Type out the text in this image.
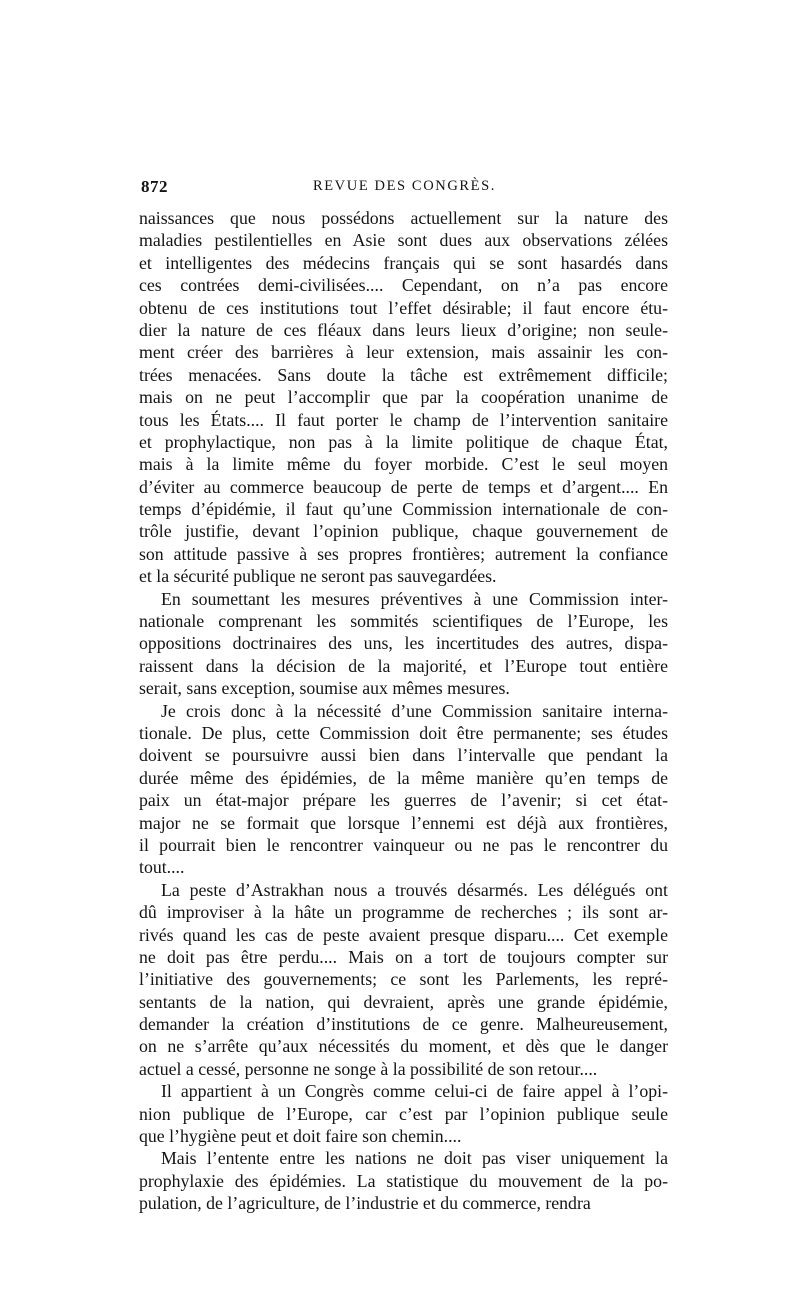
872	REVUE DES CONGRÈS.
naissances que nous possédons actuellement sur la nature des
maladies pestilentielles en Asie sont dues aux observations zélées
et intelligentes des médecins français qui se sont hasardés dans
ces contrées demi-civilisées.... Cependant, on n’a pas encore
obtenu de ces institutions tout l’effet désirable; il faut encore étu-
dier la nature de ces fléaux dans leurs lieux d’origine; non seule-
ment créer des barrières à leur extension, mais assainir les con-
trées menacées. Sans doute la tâche est extrêmement difficile;
mais on ne peut l’accomplir que par la coopération unanime de
tous les États.... Il faut porter le champ de l’intervention sanitaire
et prophylactique, non pas à la limite politique de chaque État,
mais à la limite même du foyer morbide. C’est le seul moyen
d’éviter au commerce beaucoup de perte de temps et d’argent.... En
temps d’épidémie, il faut qu’une Commission internationale de con-
trôle justifie, devant l’opinion publique, chaque gouvernement de
son attitude passive à ses propres frontières; autrement la confiance
et la sécurité publique ne seront pas sauvegardées.
En soumettant les mesures préventives à une Commission inter-
nationale comprenant les sommités scientifiques de l’Europe, les
oppositions doctrinaires des uns, les incertitudes des autres, dispa-
raissent dans la décision de la majorité, et l’Europe tout entière
serait, sans exception, soumise aux mêmes mesures.
Je crois donc à la nécessité d’une Commission sanitaire interna-
tionale. De plus, cette Commission doit être permanente; ses études
doivent se poursuivre aussi bien dans l’intervalle que pendant la
durée même des épidémies, de la même manière qu’en temps de
paix un état-major prépare les guerres de l’avenir; si cet état-
major ne se formait que lorsque l’ennemi est déjà aux frontières,
il pourrait bien le rencontrer vainqueur ou ne pas le rencontrer du
tout....
La peste d’Astrakhan nous a trouvés désarmés. Les délégués ont
dû improviser à la hâte un programme de recherches ; ils sont ar-
rivés quand les cas de peste avaient presque disparu.... Cet exemple
ne doit pas être perdu.... Mais on a tort de toujours compter sur
l’initiative des gouvernements; ce sont les Parlements, les repré-
sentants de la nation, qui devraient, après une grande épidémie,
demander la création d’institutions de ce genre. Malheureusement,
on ne s’arrête qu’aux nécessités du moment, et dès que le danger
actuel a cessé, personne ne songe à la possibilité de son retour....
Il appartient à un Congrès comme celui-ci de faire appel à l’opi-
nion publique de l’Europe, car c’est par l’opinion publique seule
que l’hygiène peut et doit faire son chemin....
Mais l’entente entre les nations ne doit pas viser uniquement la
prophylaxie des épidémies. La statistique du mouvement de la po-
pulation, de l’agriculture, de l’industrie et du commerce, rendra
